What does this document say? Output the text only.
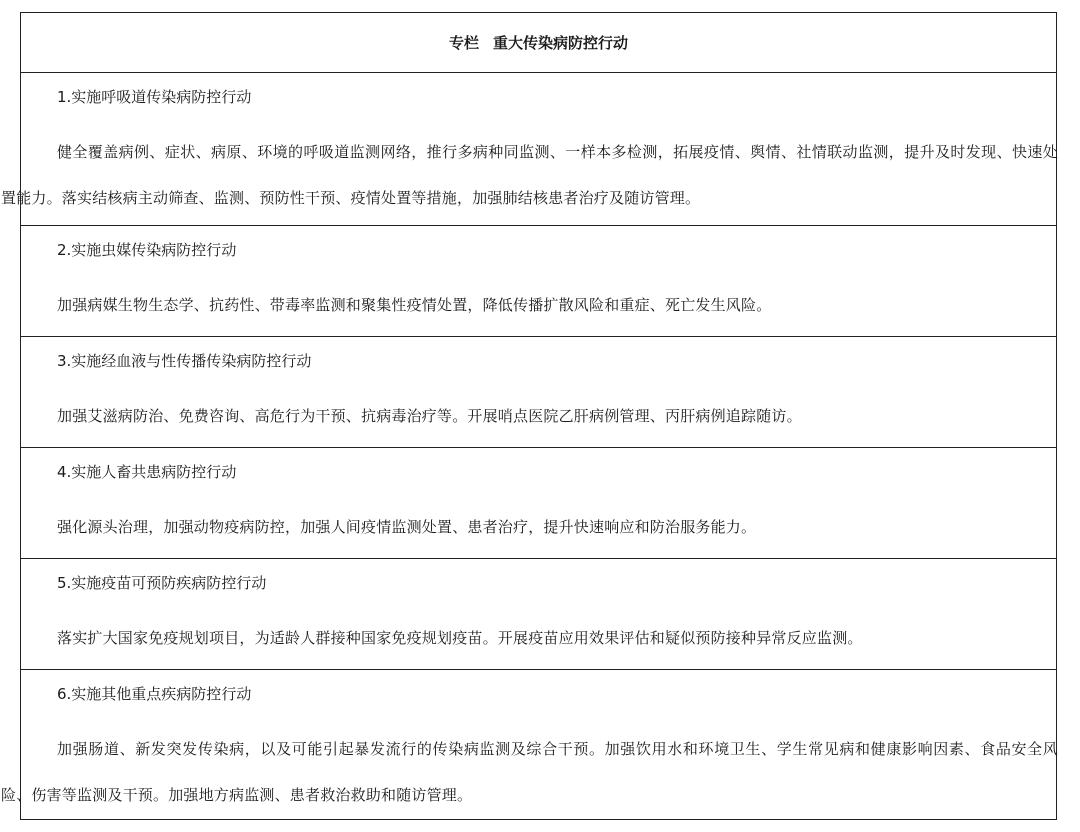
专栏 重大传染病防控行动
1.实施呼吸道传染病防控行动
健全覆盖病例、症状、病原、环境的呼吸道监测网络，推行多病种同监测、一样本多检测，拓展疫情、舆情、社情联动监测，提升及时发现、快速处置能力。落实结核病主动筛查、监测、预防性干预、疫情处置等措施，加强肺结核患者治疗及随访管理。
2.实施虫媒传染病防控行动
加强病媒生物生态学、抗药性、带毒率监测和聚集性疫情处置，降低传播扩散风险和重症、死亡发生风险。
3.实施经血液与性传播传染病防控行动
加强艾滋病防治、免费咨询、高危行为干预、抗病毒治疗等。开展哨点医院乙肝病例管理、丙肝病例追踪随访。
4.实施人畜共患病防控行动
强化源头治理，加强动物疫病防控，加强人间疫情监测处置、患者治疗，提升快速响应和防治服务能力。
5.实施疫苗可预防疾病防控行动
落实扩大国家免疫规划项目，为适龄人群接种国家免疫规划疫苗。开展疫苗应用效果评估和疑似预防接种异常反应监测。
6.实施其他重点疾病防控行动
加强肠道、新发突发传染病，以及可能引起暴发流行的传染病监测及综合干预。加强饮用水和环境卫生、学生常见病和健康影响因素、食品安全风险、伤害等监测及干预。加强地方病监测、患者救治救助和随访管理。
